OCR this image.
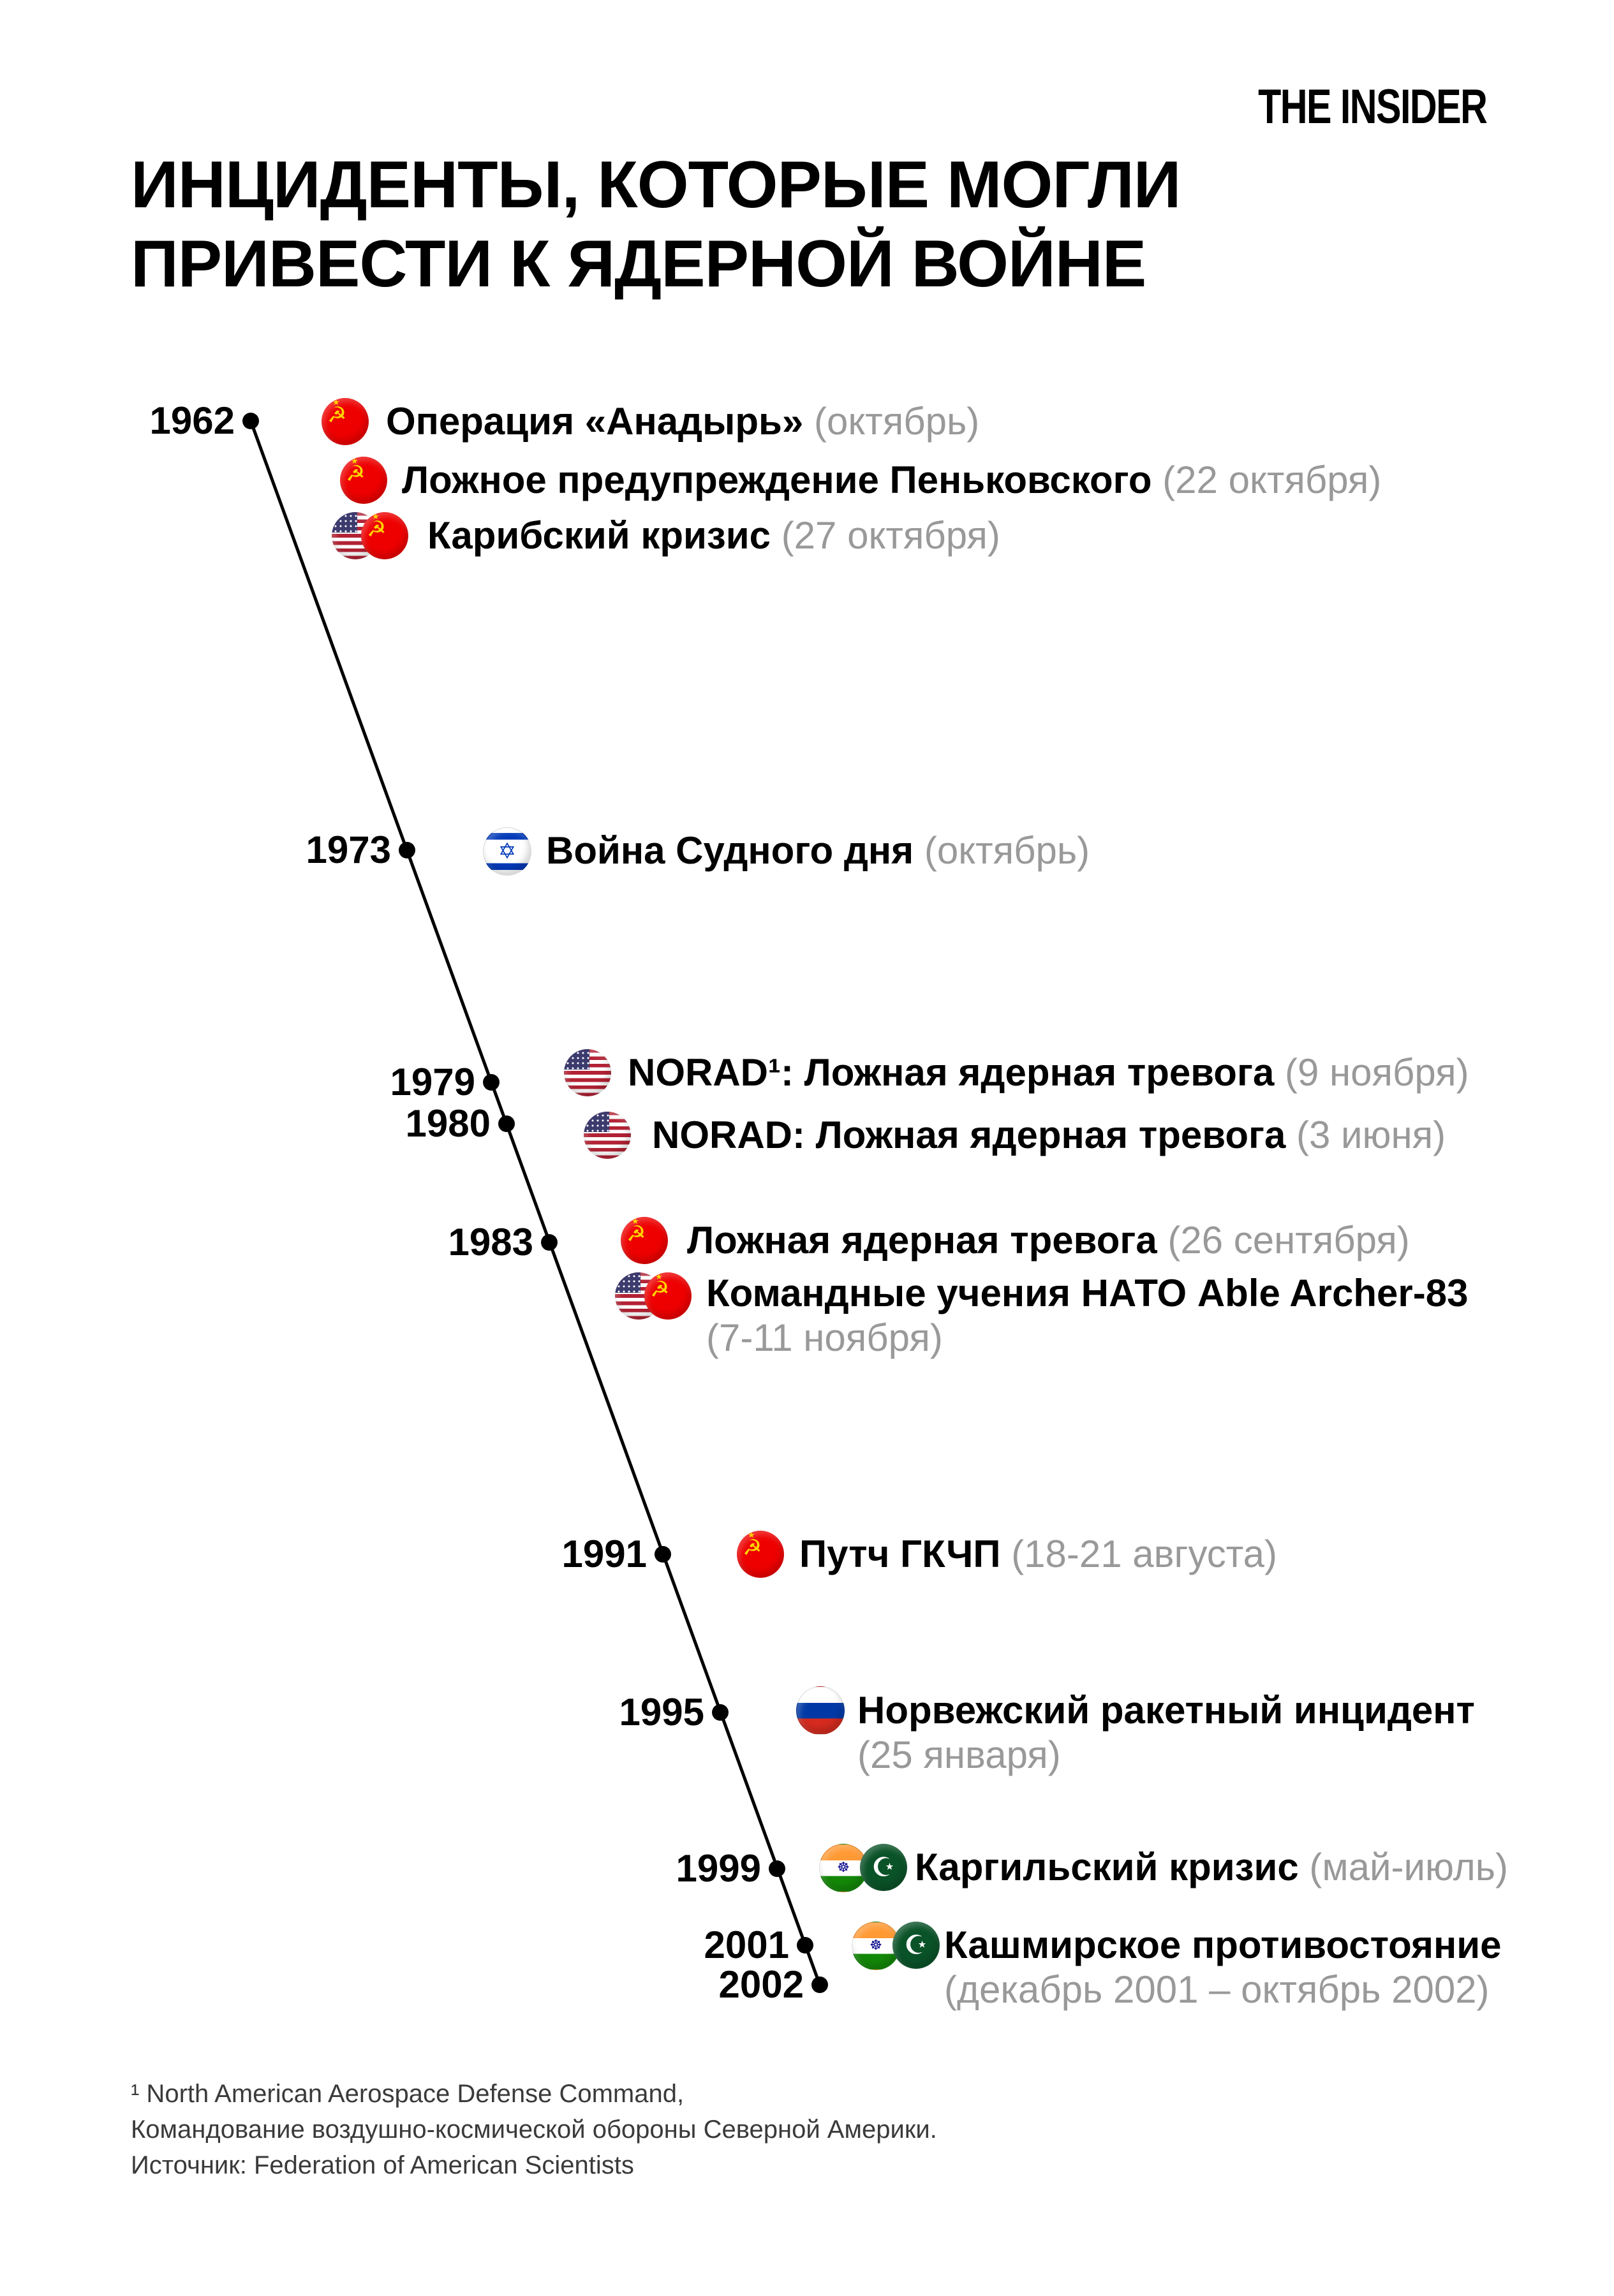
THE INSIDER
ИНЦИДЕНТЫ, КОТОРЫЕ МОГЛИ
ПРИВЕСТИ К ЯДЕРНОЙ ВОЙНЕ
1962
1973
1979
1980
1983
1991
1995
1999
2001
2002
☭ ★
Операция «Анадырь» (октябрь)
☭ ★
Ложное предупреждение Пеньковского (22 октября)
☭ ★
Карибский кризис (27 октября)
✡
Война Судного дня (октябрь)
NORAD¹: Ложная ядерная тревога (9 ноября)
NORAD: Ложная ядерная тревога (3 июня)
☭ ★
Ложная ядерная тревога (26 сентября)
☭ ★
Командные учения НАТО Able Archer-83
(7-11 ноября)
☭ ★
Путч ГКЧП (18-21 августа)
Норвежский ракетный инцидент
(25 января)
☸
☪
Каргильский кризис (май-июль)
☸
☪
Кашмирское противостояние
(декабрь 2001 – октябрь 2002)
¹ North American Aerospace Defense Command,
Командование воздушно-космической обороны Северной Америки.
Источник: Federation of American Scientists
